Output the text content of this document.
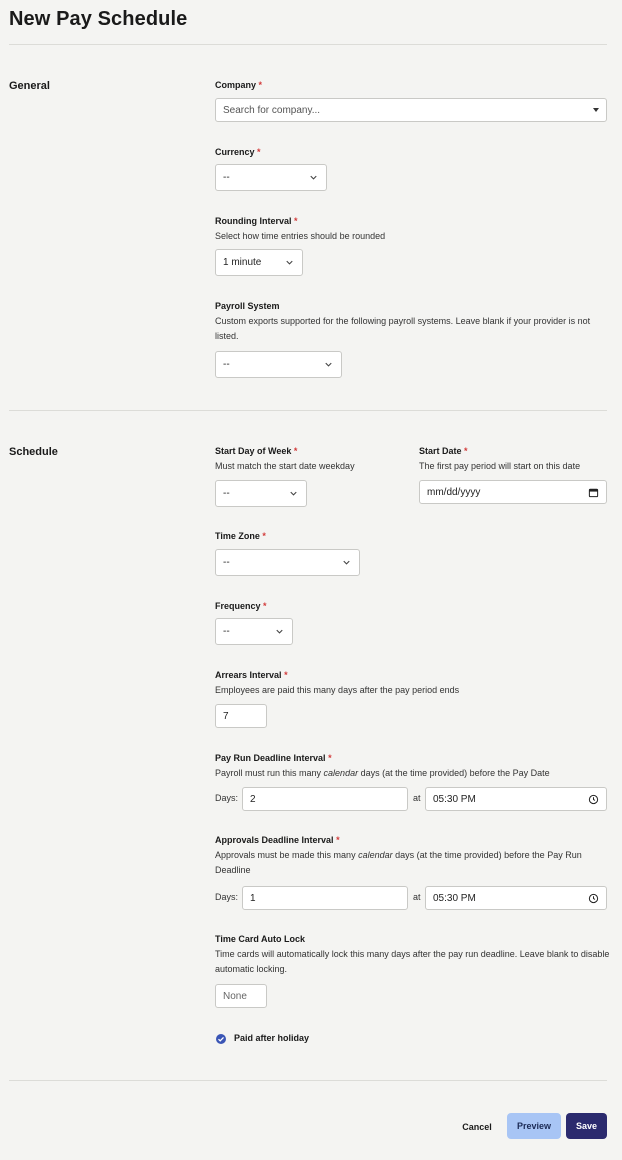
New Pay Schedule
General	Company *
Search for company...
Currency *
--
Rounding Interval *
Select how time entries should be rounded
1 minute
Payroll System
Custom exports supported for the following payroll systems. Leave blank if your provider is not listed.
--
Schedule	Start Day of Week *
Must match the start date weekday
--
Start Date *
The first pay period will start on this date
mm/dd/yyyy
Time Zone *
--
Frequency *
--
Arrears Interval *
Employees are paid this many days after the pay period ends
7
Pay Run Deadline Interval *
Payroll must run this many calendar days (at the time provided) before the Pay Date
Days: 2	at 05:30 PM
Approvals Deadline Interval *
Approvals must be made this many calendar days (at the time provided) before the Pay Run Deadline
Days: 1	at 05:30 PM
Time Card Auto Lock
Time cards will automatically lock this many days after the pay run deadline. Leave blank to disable automatic locking.
None
Paid after holiday
Cancel	Preview	Save
